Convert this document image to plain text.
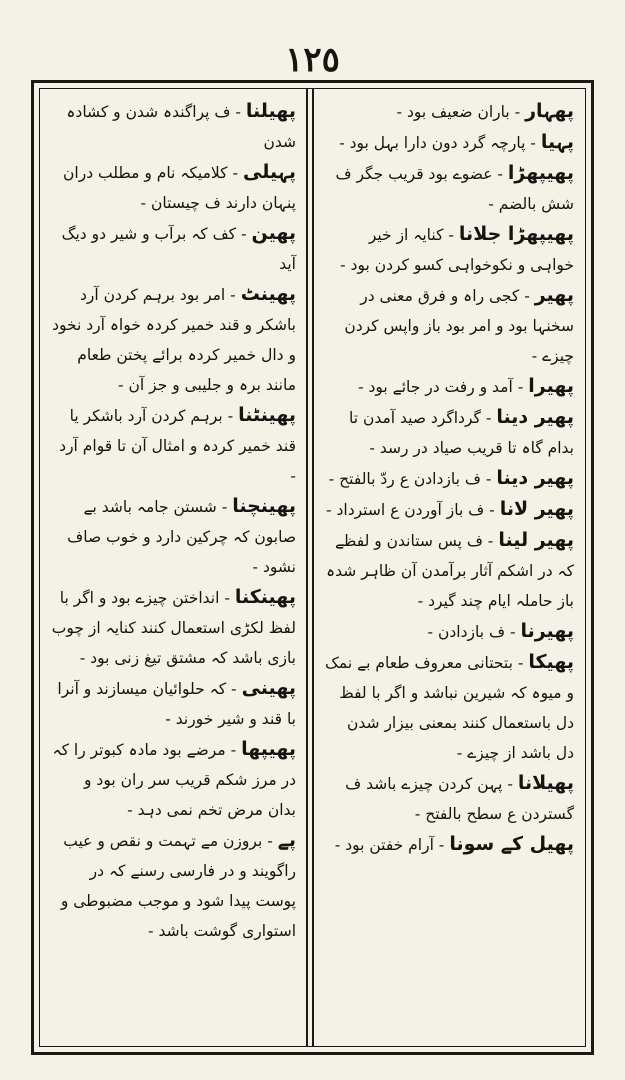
١٢٥

پھہار - باران ضعیف بود -

پہیا - پارچہ گرد دون دارا بہل بود -

پھیپھڑا - عضوے بود قریب جگر ف شش بالضم -

پھیپھڑا جلانا - کنایہ از خیر خواہی و نکوخواہی کسو کردن بود -

پھیر - کجی راہ و فرق معنی در سخنہا بود و امر بود باز واپس کردن چیزے -

پھیرا - آمد و رفت در جائے بود -

پھیر دینا - گرداگرد صید آمدن تا بدام گاہ تا قریب صیاد در رسد -

پھیر دینا - ف بازدادن ع ردّ بالفتح -

پھیر لانا - ف باز آوردن ع استرداد -

پھیر لینا - ف پس ستاندن و لفظے کہ در اشکم آثار برآمدن آن ظاہر شدہ باز حاملہ ایام چند گیرد -

پھیرنا - ف بازدادن -

پھیکا - بتحتانی معروف طعام بے نمک و میوہ کہ شیرین نباشد و اگر با لفظ دل باستعمال کنند بمعنی بیزار شدن دل باشد از چیزے -

پھیلانا - پہن کردن چیزے باشد ف گستردن ع سطح بالفتح -

پھیل کے سونا - آرام خفتن بود -

پھیلنا - ف پراگندہ شدن و کشادہ شدن

پہیلی - کلامیکہ نام و مطلب دران پنہان دارند ف چیستان -

پھین - کف کہ برآب و شیر دو دیگ آید

پھینٹ - امر بود برہم کردن آرد باشکر و قند خمیر کردہ خواہ آرد نخود و دال خمیر کردہ برائے پختن طعام مانند برہ و جلیبی و جز آن -

پھینٹنا - برہم کردن آرد باشکر یا قند خمیر کردہ و امثال آن تا قوام آرد -

پھینچنا - شستن جامہ باشد بے صابون کہ چرکین دارد و خوب صاف نشود -

پھینکنا - انداختن چیزے بود و اگر با لفظ لکڑی استعمال کنند کنایہ از چوب بازی باشد کہ مشتق تیغ زنی بود -

پھینی - کہ حلوائیان میسازند و آنرا با قند و شیر خورند -

پھیپھا - مرضے بود مادہ کبوتر را کہ در مرز شکم قریب سر ران بود و بدان مرض تخم نمی دہد -

پے - بروزن مے تہمت و نقص و عیب راگویند و در فارسی رسنے کہ در پوست پیدا شود و موجب مضبوطی و استواری گوشت باشد -
